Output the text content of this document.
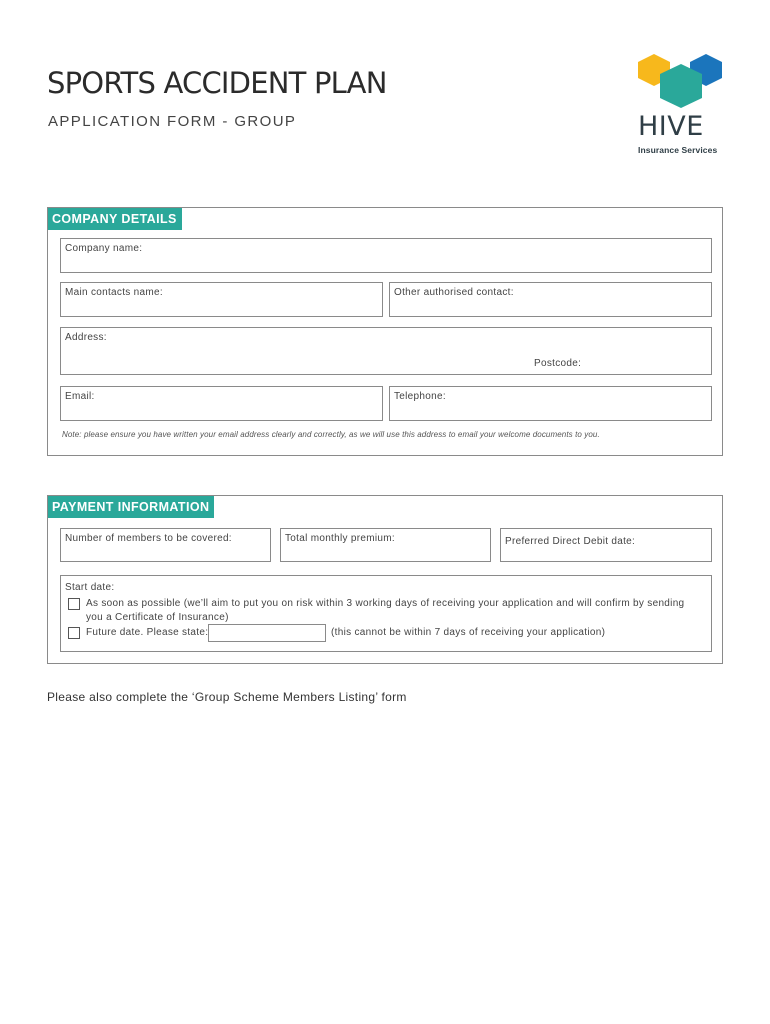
SPORTS ACCIDENT PLAN
APPLICATION FORM - GROUP	HIVE
Insurance Services
COMPANY DETAILS
Company name:
Main contacts name:	Other authorised contact:
Address:
Postcode:
Email:	Telephone:
Note: please ensure you have written your email address clearly and correctly, as we will use this address to email your welcome documents to you.
PAYMENT INFORMATION
Number of members to be covered:	Total monthly premium:	Preferred Direct Debit date:
Start date:
As soon as possible (we’ll aim to put you on risk within 3 working days of receiving your application and will confirm by sending
you a Certificate of Insurance)
Future date. Please state:	(this cannot be within 7 days of receiving your application)
Please also complete the ‘Group Scheme Members Listing’ form
